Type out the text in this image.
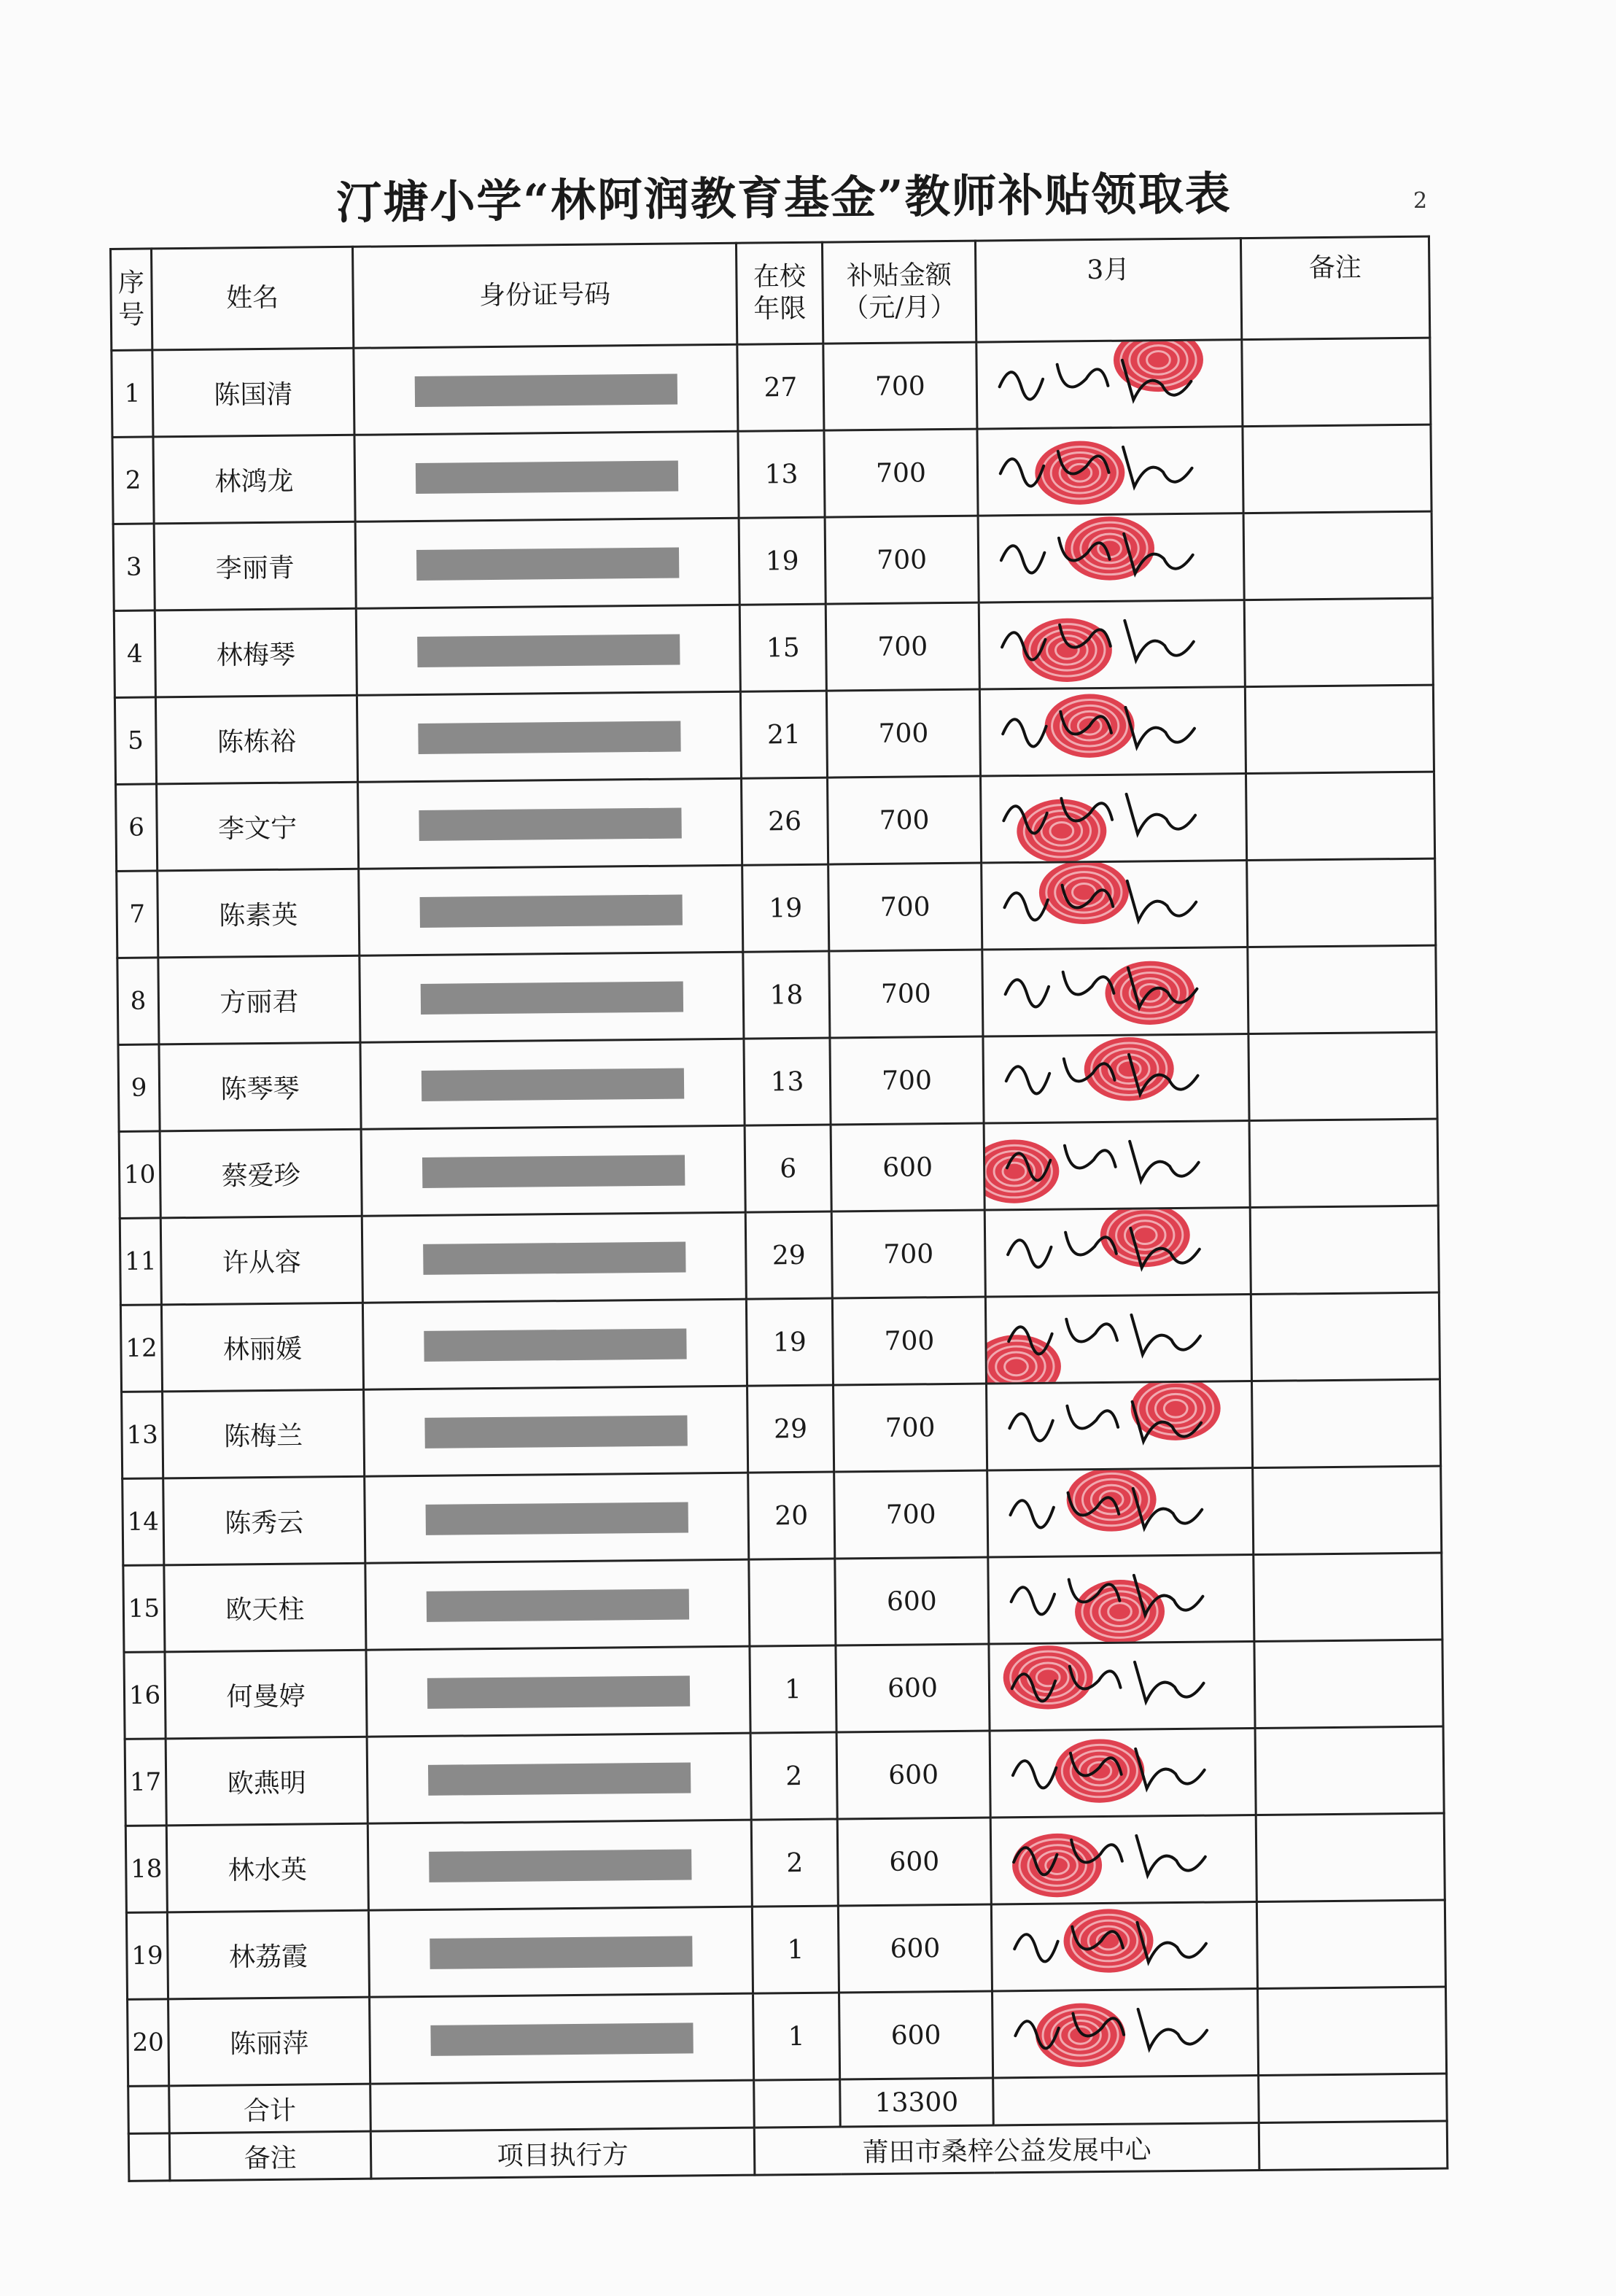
汀塘小学“林阿润教育基金”教师补贴领取表	2
序号	姓名	身份证号码	在校年限	补贴金额（元/月）	3月	备注
1	陈国清		27	700	

2	林鸿龙		13	700	

3	李丽青		19	700	

4	林梅琴		15	700	

5	陈栋裕		21	700	

6	李文宁		26	700	

7	陈素英		19	700	

8	方丽君		18	700	

9	陈琴琴		13	700	

10	蔡爱珍		6	600	

11	许从容		29	700	

12	林丽媛		19	700	

13	陈梅兰		29	700	

14	陈秀云		20	700	

15	欧天柱			600	

16	何曼婷		1	600	

17	欧燕明		2	600	

18	林水英		2	600	

19	林荔霞		1	600	

20	陈丽萍		1	600	

	合计			13300		
	备注	项目执行方	莆田市桑梓公益发展中心			
